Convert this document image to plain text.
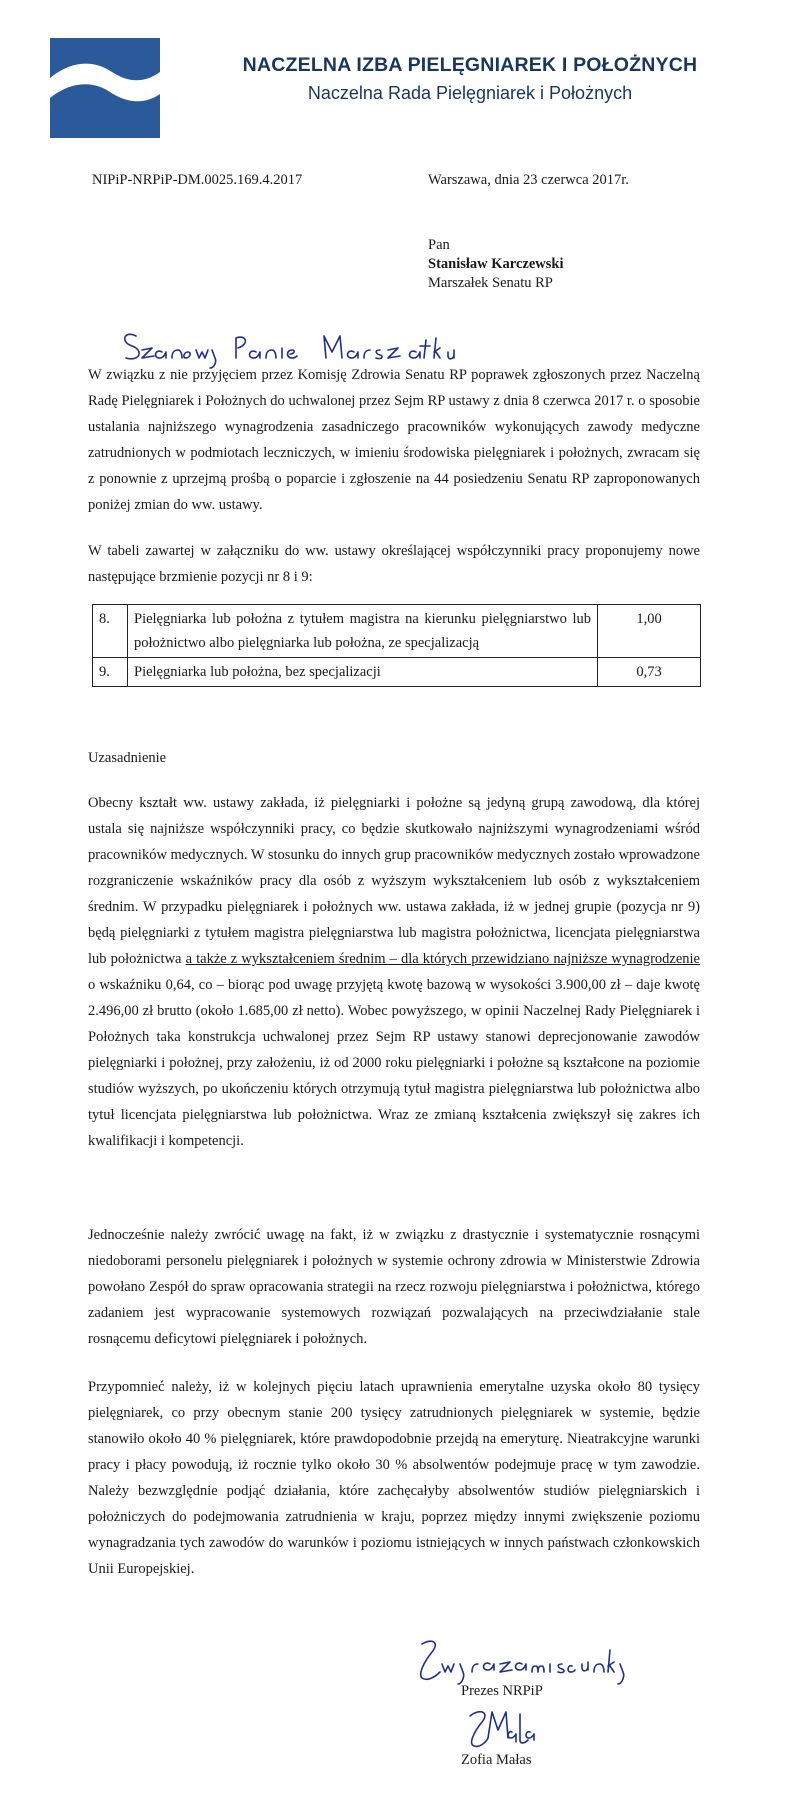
NACZELNA IZBA PIELĘGNIAREK I POŁOŻNYCH
Naczelna Rada Pielęgniarek i Położnych
NIPiP-NRPiP-DM.0025.169.4.2017	Warszawa, dnia 23 czerwca 2017r.
Pan
Stanisław Karczewski
Marszałek Senatu RP

W związku z nie przyjęciem przez Komisję Zdrowia Senatu RP poprawek zgłoszonych przez Naczelną Radę Pielęgniarek i Położnych do uchwalonej przez Sejm RP ustawy z dnia 8 czerwca 2017 r. o sposobie ustalania najniższego wynagrodzenia zasadniczego pracowników wykonujących zawody medyczne zatrudnionych w podmiotach leczniczych, w imieniu środowiska pielęgniarek i położnych, zwracam się z ponownie z uprzejmą prośbą o poparcie i zgłoszenie na 44 posiedzeniu Senatu RP zaproponowanych poniżej zmian do ww. ustawy.

W tabeli zawartej w załączniku do ww. ustawy określającej współczynniki pracy proponujemy nowe następujące brzmienie pozycji nr 8 i 9:

8.	Pielęgniarka lub położna z tytułem magistra na kierunku pielęgniarstwo lub położnictwo albo pielęgniarka lub położna, ze specjalizacją	1,00
9.	Pielęgniarka lub położna, bez specjalizacji	0,73
Uzasadnienie

Obecny kształt ww. ustawy zakłada, iż pielęgniarki i położne są jedyną grupą zawodową, dla której ustala się najniższe współczynniki pracy, co będzie skutkowało najniższymi wynagrodzeniami wśród pracowników medycznych. W stosunku do innych grup pracowników medycznych zostało wprowadzone rozgraniczenie wskaźników pracy dla osób z wyższym wykształceniem lub osób z wykształceniem średnim. W przypadku pielęgniarek i położnych ww. ustawa zakłada, iż w jednej grupie (pozycja nr 9) będą pielęgniarki z tytułem magistra pielęgniarstwa lub magistra położnictwa, licencjata pielęgniarstwa lub położnictwa a także z wykształceniem średnim – dla których przewidziano najniższe wynagrodzenie o wskaźniku 0,64, co – biorąc pod uwagę przyjętą kwotę bazową w wysokości 3.900,00 zł – daje kwotę 2.496,00 zł brutto (około 1.685,00 zł netto). Wobec powyższego, w opinii Naczelnej Rady Pielęgniarek i Położnych taka konstrukcja uchwalonej przez Sejm RP ustawy stanowi deprecjonowanie zawodów pielęgniarki i położnej, przy założeniu, iż od 2000 roku pielęgniarki i położne są kształcone na poziomie studiów wyższych, po ukończeniu których otrzymują tytuł magistra pielęgniarstwa lub położnictwa albo tytuł licencjata pielęgniarstwa lub położnictwa. Wraz ze zmianą kształcenia zwiększył się zakres ich kwalifikacji i kompetencji.

Jednocześnie należy zwrócić uwagę na fakt, iż w związku z drastycznie i systematycznie rosnącymi niedoborami personelu pielęgniarek i położnych w systemie ochrony zdrowia w Ministerstwie Zdrowia powołano Zespół do spraw opracowania strategii na rzecz rozwoju pielęgniarstwa i położnictwa, którego zadaniem jest wypracowanie systemowych rozwiązań pozwalających na przeciwdziałanie stale rosnącemu deficytowi pielęgniarek i położnych.

Przypomnieć należy, iż w kolejnych pięciu latach uprawnienia emerytalne uzyska około 80 tysięcy pielęgniarek, co przy obecnym stanie 200 tysięcy zatrudnionych pielęgniarek w systemie, będzie stanowiło około 40 % pielęgniarek, które prawdopodobnie przejdą na emeryturę. Nieatrakcyjne warunki pracy i płacy powodują, iż rocznie tylko około 30 % absolwentów podejmuje pracę w tym zawodzie. Należy bezwzględnie podjąć działania, które zachęcałyby absolwentów studiów pielęgniarskich i położniczych do podejmowania zatrudnienia w kraju, poprzez między innymi zwiększenie poziomu wynagradzania tych zawodów do warunków i poziomu istniejących w innych państwach członkowskich Unii Europejskiej.

Prezes NRPiP
Zofia Małas
